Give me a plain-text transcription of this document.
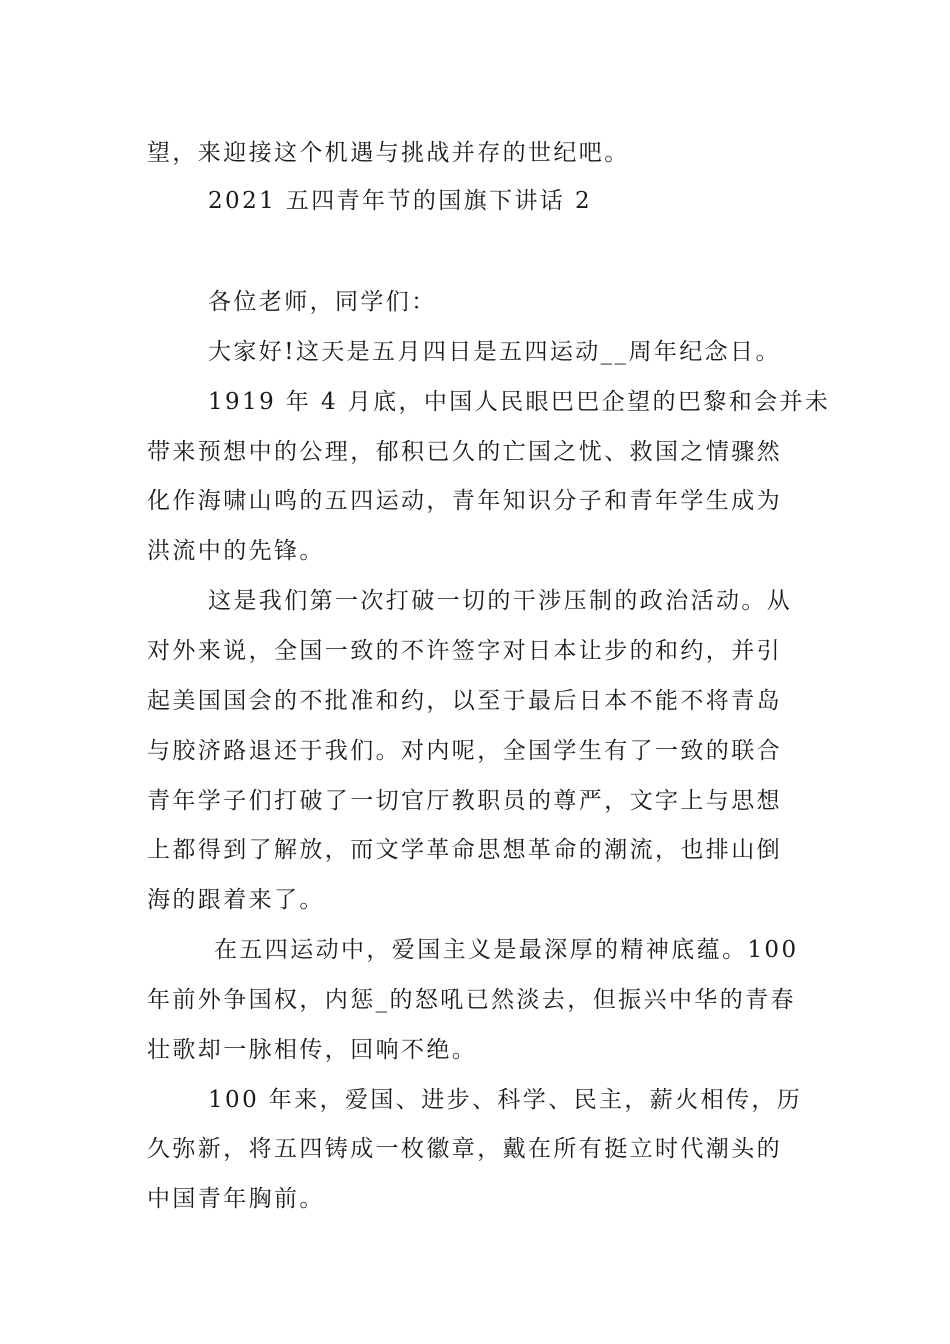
望，来迎接这个机遇与挑战并存的世纪吧。
2021 五四青年节的国旗下讲话 2
各位老师，同学们：
大家好!这天是五月四日是五四运动__周年纪念日。
1919 年 4 月底，中国人民眼巴巴企望的巴黎和会并未
带来预想中的公理，郁积已久的亡国之忧、救国之情骤然
化作海啸山鸣的五四运动，青年知识分子和青年学生成为
洪流中的先锋。
这是我们第一次打破一切的干涉压制的政治活动。从
对外来说，全国一致的不许签字对日本让步的和约，并引
起美国国会的不批准和约，以至于最后日本不能不将青岛
与胶济路退还于我们。对内呢，全国学生有了一致的联合
青年学子们打破了一切官厅教职员的尊严，文字上与思想
上都得到了解放，而文学革命思想革命的潮流，也排山倒
海的跟着来了。
在五四运动中，爱国主义是最深厚的精神底蕴。100
年前外争国权，内惩_的怒吼已然淡去，但振兴中华的青春
壮歌却一脉相传，回响不绝。
100 年来，爱国、进步、科学、民主，薪火相传，历
久弥新，将五四铸成一枚徽章，戴在所有挺立时代潮头的
中国青年胸前。
